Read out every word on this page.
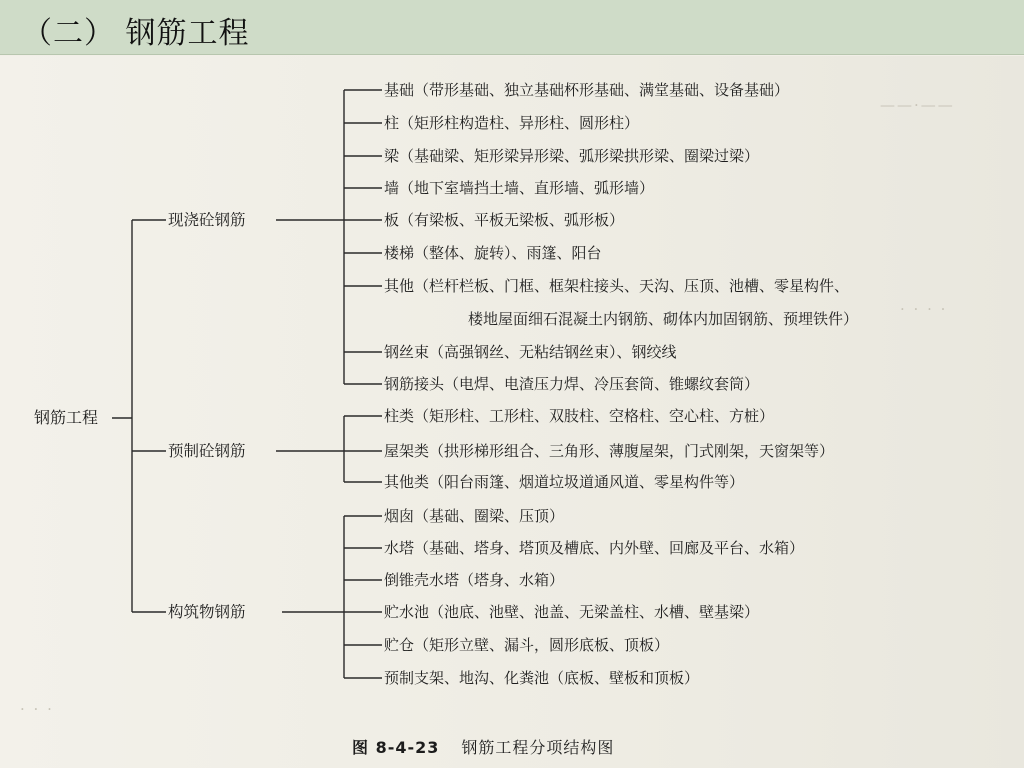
（二） 钢筋工程
——·——
· · · ·
· · ·
钢筋工程
现浇砼钢筋
预制砼钢筋
构筑物钢筋
基础（带形基础、独立基础杯形基础、满堂基础、设备基础）
柱（矩形柱构造柱、异形柱、圆形柱）
梁（基础梁、矩形梁异形梁、弧形梁拱形梁、圈梁过梁）
墙（地下室墙挡土墙、直形墙、弧形墙）
板（有梁板、平板无梁板、弧形板）
楼梯（整体、旋转）、雨篷、阳台
其他（栏杆栏板、门框、框架柱接头、天沟、压顶、池槽、零星构件、
楼地屋面细石混凝土内钢筋、砌体内加固钢筋、预埋铁件）
钢丝束（高强钢丝、无粘结钢丝束）、钢绞线
钢筋接头（电焊、电渣压力焊、冷压套筒、锥螺纹套筒）
柱类（矩形柱、工形柱、双肢柱、空格柱、空心柱、方桩）
屋架类（拱形梯形组合、三角形、薄腹屋架，门式刚架，天窗架等）
其他类（阳台雨篷、烟道垃圾道通风道、零星构件等）
烟囱（基础、圈梁、压顶）
水塔（基础、塔身、塔顶及槽底、内外壁、回廊及平台、水箱）
倒锥壳水塔（塔身、水箱）
贮水池（池底、池壁、池盖、无梁盖柱、水槽、壁基梁）
贮仓（矩形立壁、漏斗，圆形底板、顶板）
预制支架、地沟、化粪池（底板、壁板和顶板）
图 8-4-23 钢筋工程分项结构图
